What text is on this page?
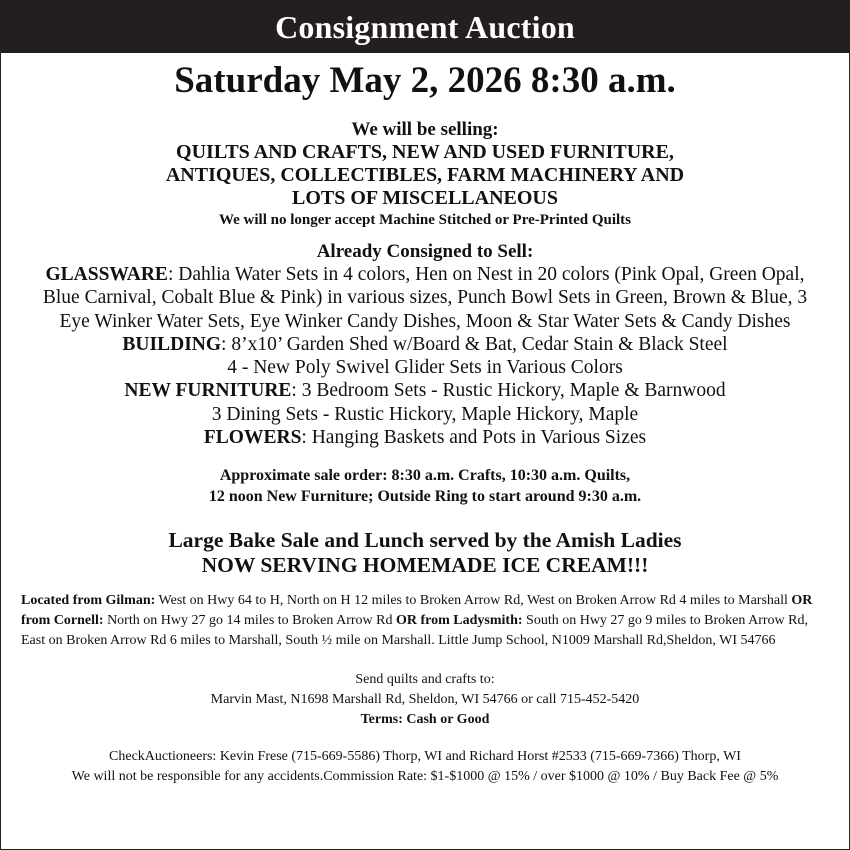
Consignment Auction
Saturday May 2, 2026 8:30 a.m.
We will be selling:
QUILTS AND CRAFTS, NEW AND USED FURNITURE,
ANTIQUES, COLLECTIBLES, FARM MACHINERY AND
LOTS OF MISCELLANEOUS
We will no longer accept Machine Stitched or Pre-Printed Quilts
Already Consigned to Sell:
GLASSWARE: Dahlia Water Sets in 4 colors, Hen on Nest in 20 colors (Pink Opal, Green Opal, Blue Carnival, Cobalt Blue & Pink) in various sizes, Punch Bowl Sets in Green, Brown & Blue, 3 Eye Winker Water Sets, Eye Winker Candy Dishes, Moon & Star Water Sets & Candy Dishes
BUILDING: 8’x10’ Garden Shed w/Board & Bat, Cedar Stain & Black Steel
4 - New Poly Swivel Glider Sets in Various Colors
NEW FURNITURE: 3 Bedroom Sets - Rustic Hickory, Maple & Barnwood
3 Dining Sets - Rustic Hickory, Maple Hickory, Maple
FLOWERS: Hanging Baskets and Pots in Various Sizes
Approximate sale order: 8:30 a.m. Crafts, 10:30 a.m. Quilts,
12 noon New Furniture; Outside Ring to start around 9:30 a.m.
Large Bake Sale and Lunch served by the Amish Ladies
NOW SERVING HOMEMADE ICE CREAM!!!
Located from Gilman: West on Hwy 64 to H, North on H 12 miles to Broken Arrow Rd, West on Broken Arrow Rd 4 miles to Marshall OR from Cornell: North on Hwy 27 go 14 miles to Broken Arrow Rd OR from Ladysmith: South on Hwy 27 go 9 miles to Broken Arrow Rd, East on Broken Arrow Rd 6 miles to Marshall, South ½ mile on Marshall. Little Jump School, N1009 Marshall Rd,Sheldon, WI 54766
Send quilts and crafts to:
Marvin Mast, N1698 Marshall Rd, Sheldon, WI 54766 or call 715-452-5420
Terms: Cash or Good
CheckAuctioneers: Kevin Frese (715-669-5586) Thorp, WI and Richard Horst #2533 (715-669-7366) Thorp, WI
We will not be responsible for any accidents.Commission Rate: $1-$1000 @ 15% / over $1000 @ 10% / Buy Back Fee @ 5%
